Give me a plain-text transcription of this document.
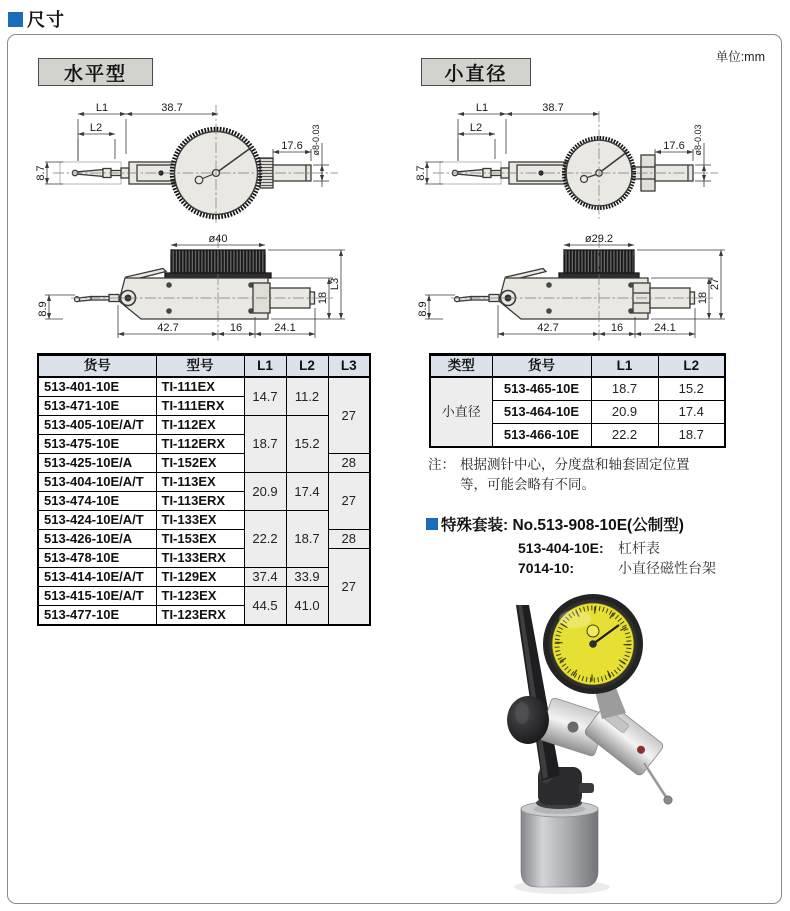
尺寸
单位:mm
水平型	小直径
L1	38.7
L2
17.6
8.7
ø8-0.03
ø40
8.9
42.7	16	24.1
18
L3
L1	38.7
L2
17.6
8.7
ø8-0.03
ø29.2
8.9
42.7	16	24.1
18
27
货号	型号	L1	L2	L3
513-401-10E	TI-111EX	14.7	11.2	27
513-471-10E	TI-111ERX			
513-405-10E/A/T	TI-112EX	18.7	15.2	
513-475-10E	TI-112ERX			
513-425-10E/A	TI-152EX			28
513-404-10E/A/T	TI-113EX	20.9	17.4	27
513-474-10E	TI-113ERX			
513-424-10E/A/T	TI-133EX	22.2	18.7	
513-426-10E/A	TI-153EX			28
513-478-10E	TI-133ERX			27
513-414-10E/A/T	TI-129EX	37.4	33.9	
513-415-10E/A/T	TI-123EX	44.5	41.0	
513-477-10E	TI-123ERX			
类型	货号	L1	L2
小直径	513-465-10E	18.7	15.2
	513-464-10E	20.9	17.4
	513-466-10E	22.2	18.7
注： 根据测针中心，分度盘和轴套固定位置
等，可能会略有不同。
特殊套装: No.513-908-10E(公制型)
513-404-10E:	杠杆表
7014-10:	小直径磁性台架
